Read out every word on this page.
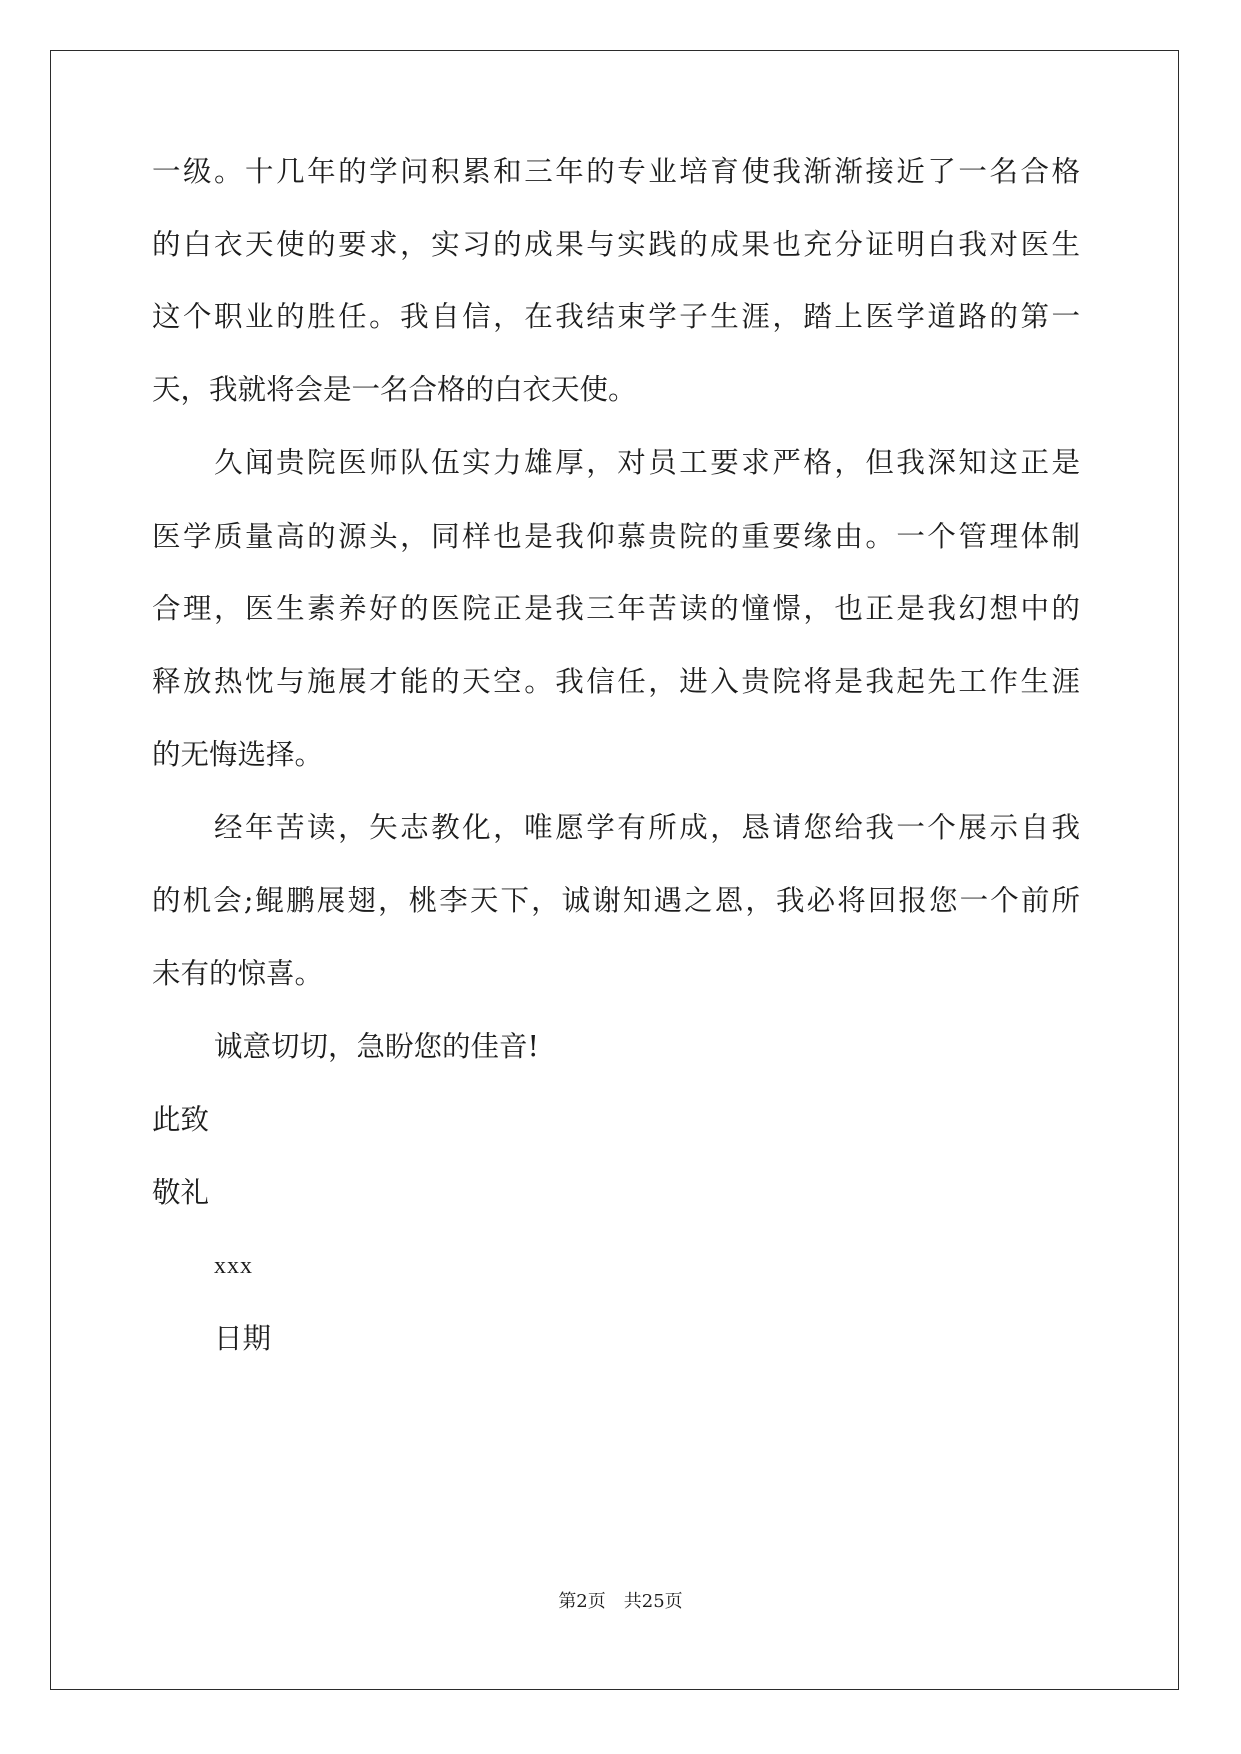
一级。十几年的学问积累和三年的专业培育使我渐渐接近了一名合格
的白衣天使的要求，实习的成果与实践的成果也充分证明白我对医生
这个职业的胜任。我自信，在我结束学子生涯，踏上医学道路的第一
天，我就将会是一名合格的白衣天使。
久闻贵院医师队伍实力雄厚，对员工要求严格，但我深知这正是
医学质量高的源头，同样也是我仰慕贵院的重要缘由。一个管理体制
合理，医生素养好的医院正是我三年苦读的憧憬，也正是我幻想中的
释放热忱与施展才能的天空。我信任，进入贵院将是我起先工作生涯
的无悔选择。
经年苦读，矢志教化，唯愿学有所成，恳请您给我一个展示自我
的机会;鲲鹏展翅，桃李天下，诚谢知遇之恩，我必将回报您一个前所
未有的惊喜。
诚意切切，急盼您的佳音!
此致
敬礼
xxx
日期
第2页　共25页
